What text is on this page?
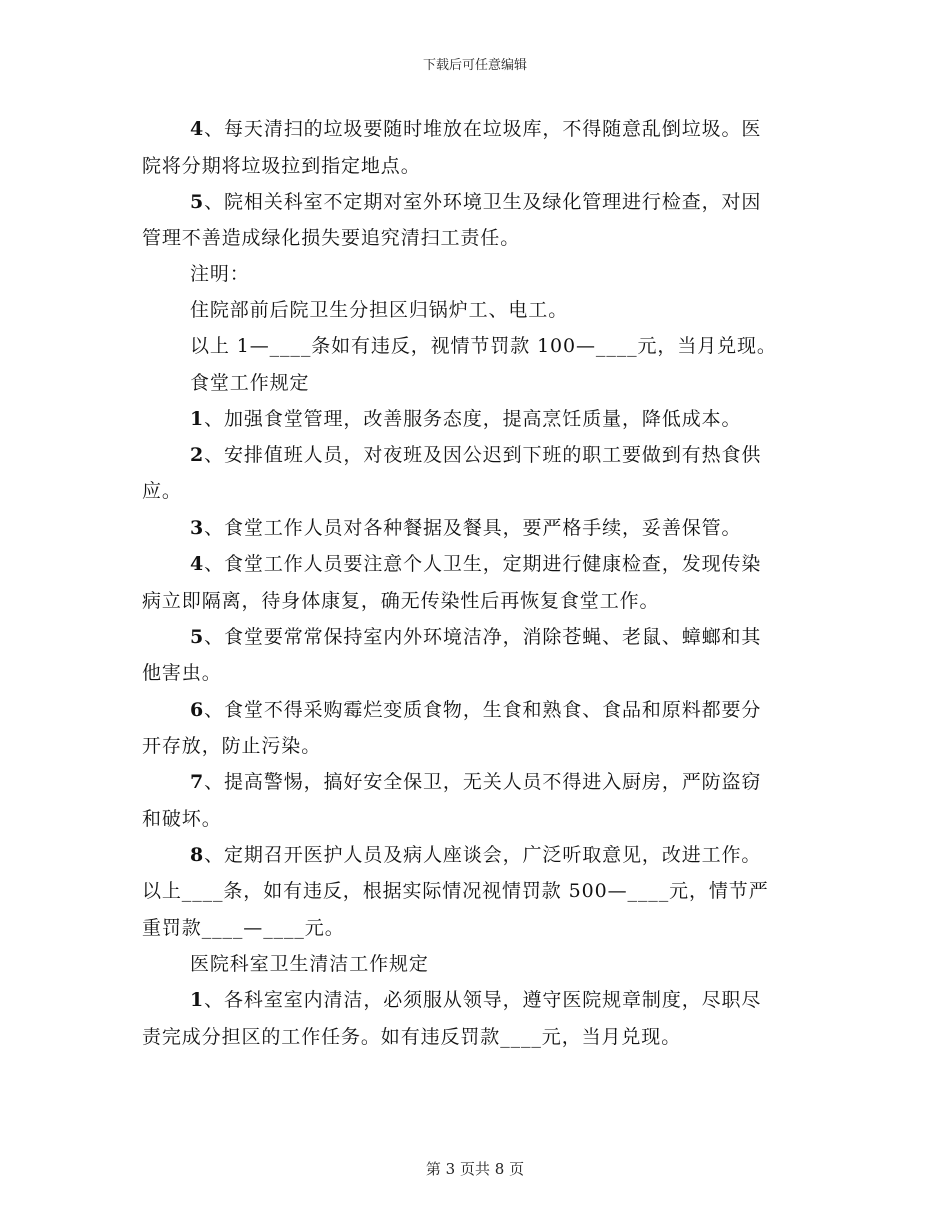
下载后可任意编辑
4、每天清扫的垃圾要随时堆放在垃圾库，不得随意乱倒垃圾。医
院将分期将垃圾拉到指定地点。
5、院相关科室不定期对室外环境卫生及绿化管理进行检查，对因
管理不善造成绿化损失要追究清扫工责任。
注明：
住院部前后院卫生分担区归锅炉工、电工。
以上 1—____条如有违反，视情节罚款 100—____元，当月兑现。
食堂工作规定
1、加强食堂管理，改善服务态度，提高烹饪质量，降低成本。
2、安排值班人员，对夜班及因公迟到下班的职工要做到有热食供
应。
3、食堂工作人员对各种餐据及餐具，要严格手续，妥善保管。
4、食堂工作人员要注意个人卫生，定期进行健康检查，发现传染
病立即隔离，待身体康复，确无传染性后再恢复食堂工作。
5、食堂要常常保持室内外环境洁净，消除苍蝇、老鼠、蟑螂和其
他害虫。
6、食堂不得采购霉烂变质食物，生食和熟食、食品和原料都要分
开存放，防止污染。
7、提高警惕，搞好安全保卫，无关人员不得进入厨房，严防盗窃
和破坏。
8、定期召开医护人员及病人座谈会，广泛听取意见，改进工作。
以上____条，如有违反，根据实际情况视情罚款 500—____元，情节严
重罚款____—____元。
医院科室卫生清洁工作规定
1、各科室室内清洁，必须服从领导，遵守医院规章制度，尽职尽
责完成分担区的工作任务。如有违反罚款____元，当月兑现。
第 3 页共 8 页
